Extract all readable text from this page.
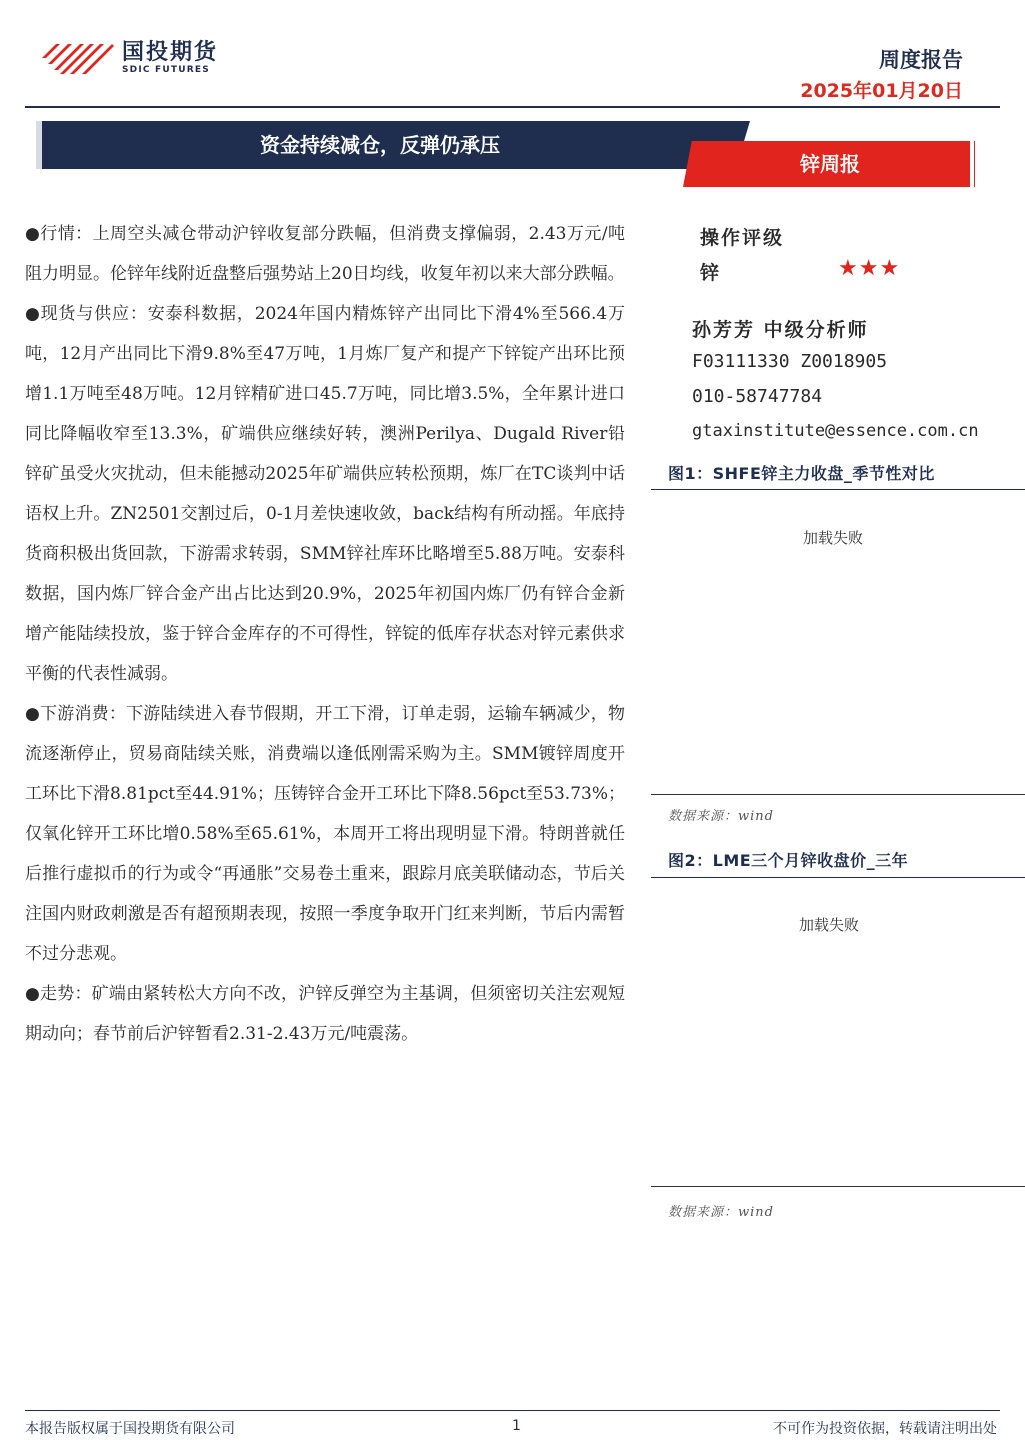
国投期货
SDIC FUTURES	周度报告
2025年01月20日
资金持续减仓，反弹仍承压
锌周报

●行情：上周空头减仓带动沪锌收复部分跌幅，但消费支撑偏弱，2.43万元/吨阻力明显。伦锌年线附近盘整后强势站上20日均线，收复年初以来大部分跌幅。

●现货与供应：安泰科数据，2024年国内精炼锌产出同比下滑4%至566.4万吨，12月产出同比下滑9.8%至47万吨，1月炼厂复产和提产下锌锭产出环比预增1.1万吨至48万吨。12月锌精矿进口45.7万吨，同比增3.5%，全年累计进口同比降幅收窄至13.3%，矿端供应继续好转，澳洲Perilya、Dugald River铅锌矿虽受火灾扰动，但未能撼动2025年矿端供应转松预期，炼厂在TC谈判中话语权上升。ZN2501交割过后，0-1月差快速收敛，back结构有所动摇。年底持货商积极出货回款，下游需求转弱，SMM锌社库环比略增至5.88万吨。安泰科数据，国内炼厂锌合金产出占比达到20.9%，2025年初国内炼厂仍有锌合金新增产能陆续投放，鉴于锌合金库存的不可得性，锌锭的低库存状态对锌元素供求平衡的代表性减弱。

●下游消费：下游陆续进入春节假期，开工下滑，订单走弱，运输车辆减少，物流逐渐停止，贸易商陆续关账，消费端以逢低刚需采购为主。SMM镀锌周度开工环比下滑8.81pct至44.91%；压铸锌合金开工环比下降8.56pct至53.73%；仅氧化锌开工环比增0.58%至65.61%，本周开工将出现明显下滑。特朗普就任后推行虚拟币的行为或令“再通胀”交易卷土重来，跟踪月底美联储动态，节后关注国内财政刺激是否有超预期表现，按照一季度争取开门红来判断，节后内需暂不过分悲观。

●走势：矿端由紧转松大方向不改，沪锌反弹空为主基调，但须密切关注宏观短期动向；春节前后沪锌暂看2.31-2.43万元/吨震荡。

操作评级
锌	★★★
孙芳芳 中级分析师
F03111330 Z0018905
010-58747784
gtaxinstitute@essence.com.cn
图1：SHFE锌主力收盘_季节性对比
加载失败
数据来源：wind
图2：LME三个月锌收盘价_三年
加载失败
数据来源：wind
本报告版权属于国投期货有限公司	1	不可作为投资依据，转载请注明出处
